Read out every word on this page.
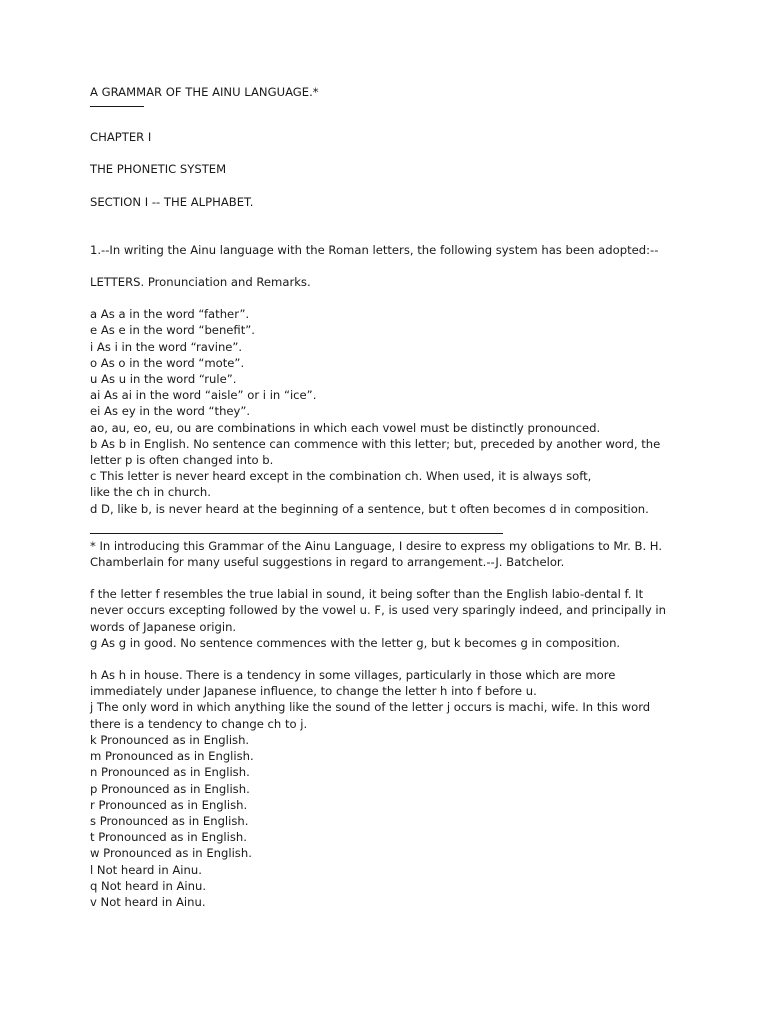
A GRAMMAR OF THE AINU LANGUAGE.*
CHAPTER I
THE PHONETIC SYSTEM
SECTION I -- THE ALPHABET.
1.--In writing the Ainu language with the Roman letters, the following system has been adopted:--
LETTERS. Pronunciation and Remarks.
a As a in the word “father”.
e As e in the word “benefit”.
i As i in the word “ravine”.
o As o in the word “mote”.
u As u in the word “rule”.
ai As ai in the word “aisle” or i in “ice”.
ei As ey in the word “they”.
ao, au, eo, eu, ou are combinations in which each vowel must be distinctly pronounced.
b As b in English. No sentence can commence with this letter; but, preceded by another word, the
letter p is often changed into b.
c This letter is never heard except in the combination ch. When used, it is always soft,
like the ch in church.
d D, like b, is never heard at the beginning of a sentence, but t often becomes d in composition.
* In introducing this Grammar of the Ainu Language, I desire to express my obligations to Mr. B. H.
Chamberlain for many useful suggestions in regard to arrangement.--J. Batchelor.
f the letter f resembles the true labial in sound, it being softer than the English labio-dental f. It
never occurs excepting followed by the vowel u. F, is used very sparingly indeed, and principally in
words of Japanese origin.
g As g in good. No sentence commences with the letter g, but k becomes g in composition.
h As h in house. There is a tendency in some villages, particularly in those which are more
immediately under Japanese influence, to change the letter h into f before u.
j The only word in which anything like the sound of the letter j occurs is machi, wife. In this word
there is a tendency to change ch to j.
k Pronounced as in English.
m Pronounced as in English.
n Pronounced as in English.
p Pronounced as in English.
r Pronounced as in English.
s Pronounced as in English.
t Pronounced as in English.
w Pronounced as in English.
l Not heard in Ainu.
q Not heard in Ainu.
v Not heard in Ainu.
